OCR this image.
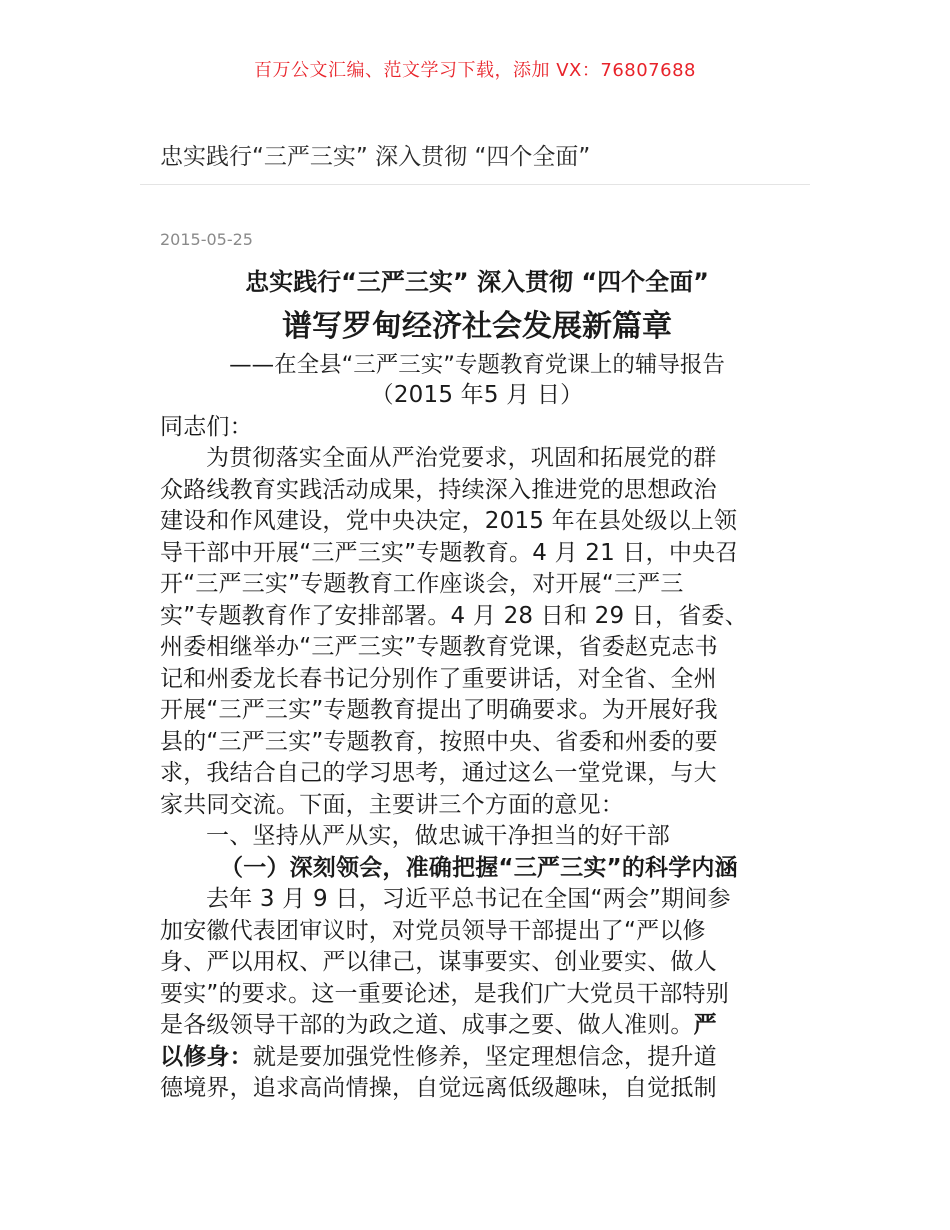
百万公文汇编、范文学习下载，添加 VX：76807688
忠实践行“三严三实” 深入贯彻 “四个全面”
2015-05-25
忠实践行“三严三实” 深入贯彻 “四个全面”
谱写罗甸经济社会发展新篇章
——在全县“三严三实”专题教育党课上的辅导报告
（2015 年5 月 日）
同志们：
为贯彻落实全面从严治党要求，巩固和拓展党的群
众路线教育实践活动成果，持续深入推进党的思想政治
建设和作风建设，党中央决定，2015 年在县处级以上领
导干部中开展“三严三实”专题教育。4 月 21 日，中央召
开“三严三实”专题教育工作座谈会，对开展“三严三
实”专题教育作了安排部署。4 月 28 日和 29 日，省委、
州委相继举办“三严三实”专题教育党课，省委赵克志书
记和州委龙长春书记分别作了重要讲话，对全省、全州
开展“三严三实”专题教育提出了明确要求。为开展好我
县的“三严三实”专题教育，按照中央、省委和州委的要
求，我结合自己的学习思考，通过这么一堂党课，与大
家共同交流。下面，主要讲三个方面的意见：
一、坚持从严从实，做忠诚干净担当的好干部
（一）深刻领会，准确把握“三严三实”的科学内涵
去年 3 月 9 日，习近平总书记在全国“两会”期间参
加安徽代表团审议时，对党员领导干部提出了“严以修
身、严以用权、严以律己，谋事要实、创业要实、做人
要实”的要求。这一重要论述，是我们广大党员干部特别
是各级领导干部的为政之道、成事之要、做人准则。严
以修身：就是要加强党性修养，坚定理想信念，提升道
德境界，追求高尚情操，自觉远离低级趣味，自觉抵制
